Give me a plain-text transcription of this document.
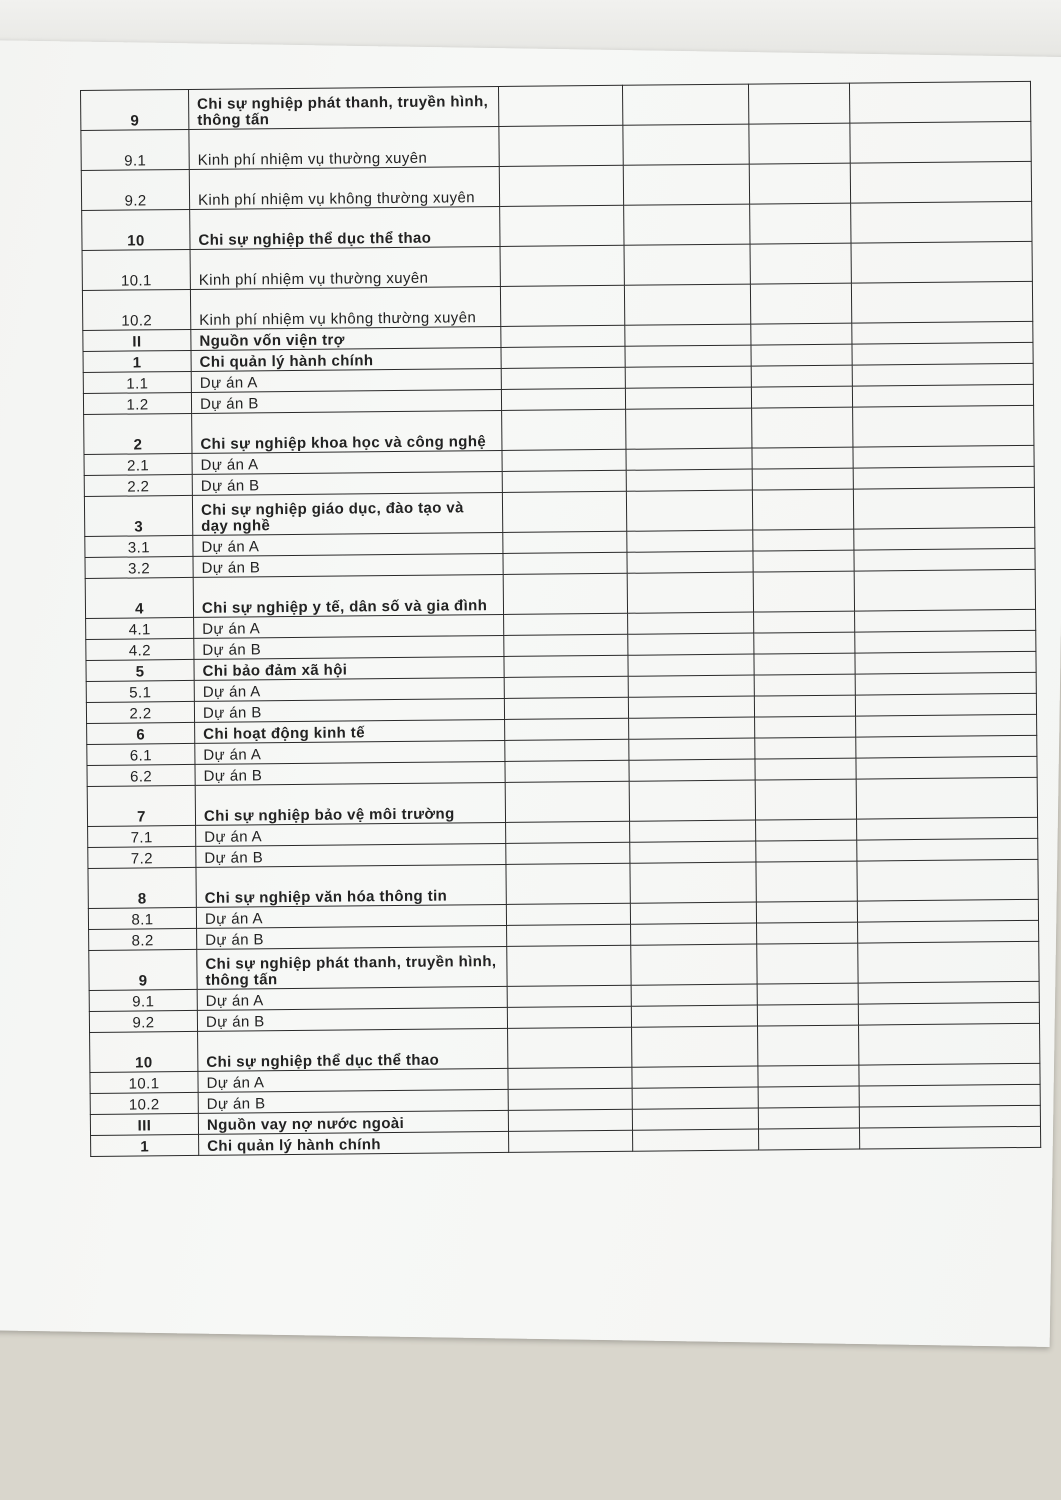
9	Chi sự nghiệp phát thanh, truyền hình, thông tấn				
9.1	Kinh phí nhiệm vụ thường xuyên				
9.2	Kinh phí nhiệm vụ không thường xuyên				
10	Chi sự nghiệp thể dục thể thao				
10.1	Kinh phí nhiệm vụ thường xuyên				
10.2	Kinh phí nhiệm vụ không thường xuyên				
II	Nguồn vốn viện trợ				
1	Chi quản lý hành chính				
1.1	Dự án A				
1.2	Dự án B				
2	Chi sự nghiệp khoa học và công nghệ				
2.1	Dự án A				
2.2	Dự án B				
3	Chi sự nghiệp giáo dục, đào tạo và dạy nghề				
3.1	Dự án A				
3.2	Dự án B				
4	Chi sự nghiệp y tế, dân số và gia đình				
4.1	Dự án A				
4.2	Dự án B				
5	Chi bảo đảm xã hội				
5.1	Dự án A				
2.2	Dự án B				
6	Chi hoạt động kinh tế				
6.1	Dự án A				
6.2	Dự án B				
7	Chi sự nghiệp bảo vệ môi trường				
7.1	Dự án A				
7.2	Dự án B				
8	Chi sự nghiệp văn hóa thông tin				
8.1	Dự án A				
8.2	Dự án B				
9	Chi sự nghiệp phát thanh, truyền hình, thông tấn				
9.1	Dự án A				
9.2	Dự án B				
10	Chi sự nghiệp thể dục thể thao				
10.1	Dự án A				
10.2	Dự án B				
III	Nguồn vay nợ nước ngoài				
1	Chi quản lý hành chính				
